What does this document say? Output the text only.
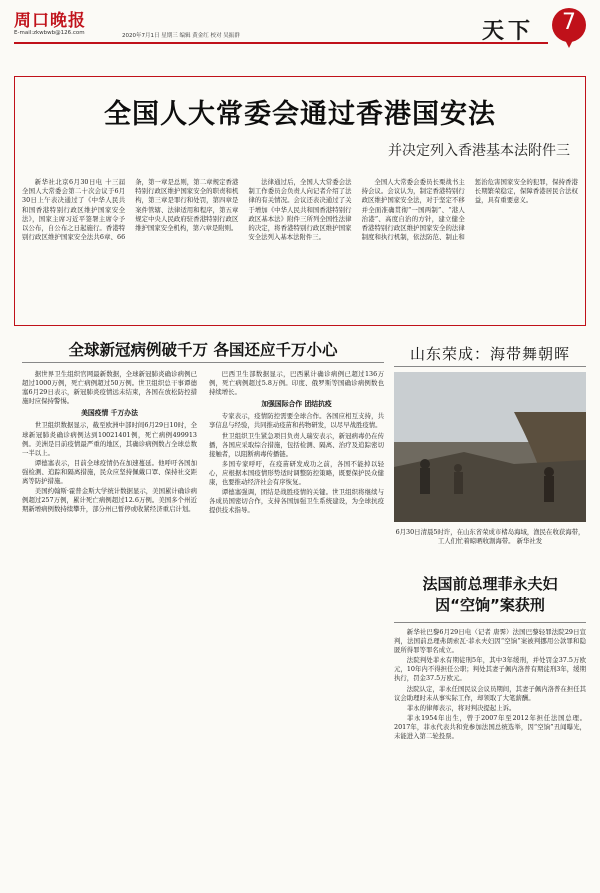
周口晚报
E-mail:zkwbwb@126.com	2020年7月1日 星期三 编辑 黄金红 校对 吴振群	天下	7
全国人大常委会通过香港国安法
并决定列入香港基本法附件三

新华社北京6月30日电 十三届全国人大常委会第二十次会议于6月30日上午表决通过了《中华人民共和国香港特别行政区维护国家安全法》，国家主席习近平签署主席令予以公布，自公布之日起施行。香港特别行政区维护国家安全法共6章、66条，第一章是总则，第二章规定香港特别行政区维护国家安全的职责和机构，第三章是罪行和处罚，第四章是案件管辖、法律适用和程序，第五章规定中央人民政府驻香港特别行政区维护国家安全机构，第六章是附则。

法律通过后，全国人大常委会法制工作委员会负责人向记者介绍了法律的有关情况。会议还表决通过了关于增加《中华人民共和国香港特别行政区基本法》附件三所列全国性法律的决定，将香港特别行政区维护国家安全法列入基本法附件三。

全国人大常委会委员长栗战书主持会议。会议认为，制定香港特别行政区维护国家安全法，对于坚定不移并全面准确贯彻“一国两制”、“港人治港”、高度自治的方针，建立健全香港特别行政区维护国家安全的法律制度和执行机制，依法防范、制止和惩治危害国家安全的犯罪，保持香港长期繁荣稳定，保障香港居民合法权益，具有重要意义。

全球新冠病例破千万 各国还应千万小心

据世界卫生组织官网最新数据，全球新冠肺炎确诊病例已超过1000万例，死亡病例超过50万例。世卫组织总干事谭德塞6月29日表示，新冠肺炎疫情远未结束，各国在放松防控措施时应保持警惕。

美国疫情 千万办法

世卫组织数据显示，截至欧洲中部时间6月29日10时，全球新冠肺炎确诊病例达到10021401例，死亡病例499913例。美洲是目前疫情最严重的地区，其确诊病例数占全球总数一半以上。

谭德塞表示，目前全球疫情仍在加速蔓延。他呼吁各国加强检测、追踪和隔离措施，民众应坚持佩戴口罩、保持社交距离等防护措施。

美国约翰斯·霍普金斯大学统计数据显示，美国累计确诊病例超过257万例，累计死亡病例超过12.6万例。美国多个州近期新增病例数持续攀升，部分州已暂停或收紧经济重启计划。

巴西卫生部数据显示，巴西累计确诊病例已超过136万例，死亡病例超过5.8万例。印度、俄罗斯等国确诊病例数也持续增长。

加强国际合作 团结抗疫

专家表示，疫情防控需要全球合作。各国应相互支持，共享信息与经验，共同推动疫苗和药物研发，以尽早战胜疫情。

世卫组织卫生紧急项目负责人瑞安表示，新冠病毒仍在传播，各国应采取综合措施，包括检测、隔离、治疗及追踪密切接触者，以阻断病毒传播链。

多国专家呼吁，在疫苗研发成功之前，各国不能掉以轻心，应根据本国疫情形势适时调整防控策略，既要保护民众健康，也要推动经济社会有序恢复。

谭德塞强调，团结是战胜疫情的关键。世卫组织将继续与各成员国密切合作，支持各国加强卫生系统建设，为全球抗疫提供技术指导。

山东荣成：海带舞朝晖
6月30日清晨5时许，在山东省荣成市楮岛海域，渔民在收获海带，工人们忙着晾晒收割海带。 新华社发
法国前总理菲永夫妇
因“空饷”案获刑

新华社巴黎6月29日电（记者 唐霁）法国巴黎轻罪法院29日宣判，法国前总理弗朗索瓦·菲永夫妇因“空饷”案被判挪用公款罪和隐匿所得罪等罪名成立。

法院判处菲永有期徒刑5年，其中3年缓刑，并处罚金37.5万欧元，10年内不得担任公职；判处其妻子佩内洛普有期徒刑3年，缓期执行，罚金37.5万欧元。

法院认定，菲永任国民议会议员期间，其妻子佩内洛普在担任其议会助理时未从事实际工作，却领取了大笔薪酬。

菲永的律师表示，将对判决提起上诉。

菲永1954年出生，曾于2007年至2012年担任法国总理。2017年，菲永代表共和党参加法国总统选举，因“空饷”丑闻曝光，未能进入第二轮投票。
